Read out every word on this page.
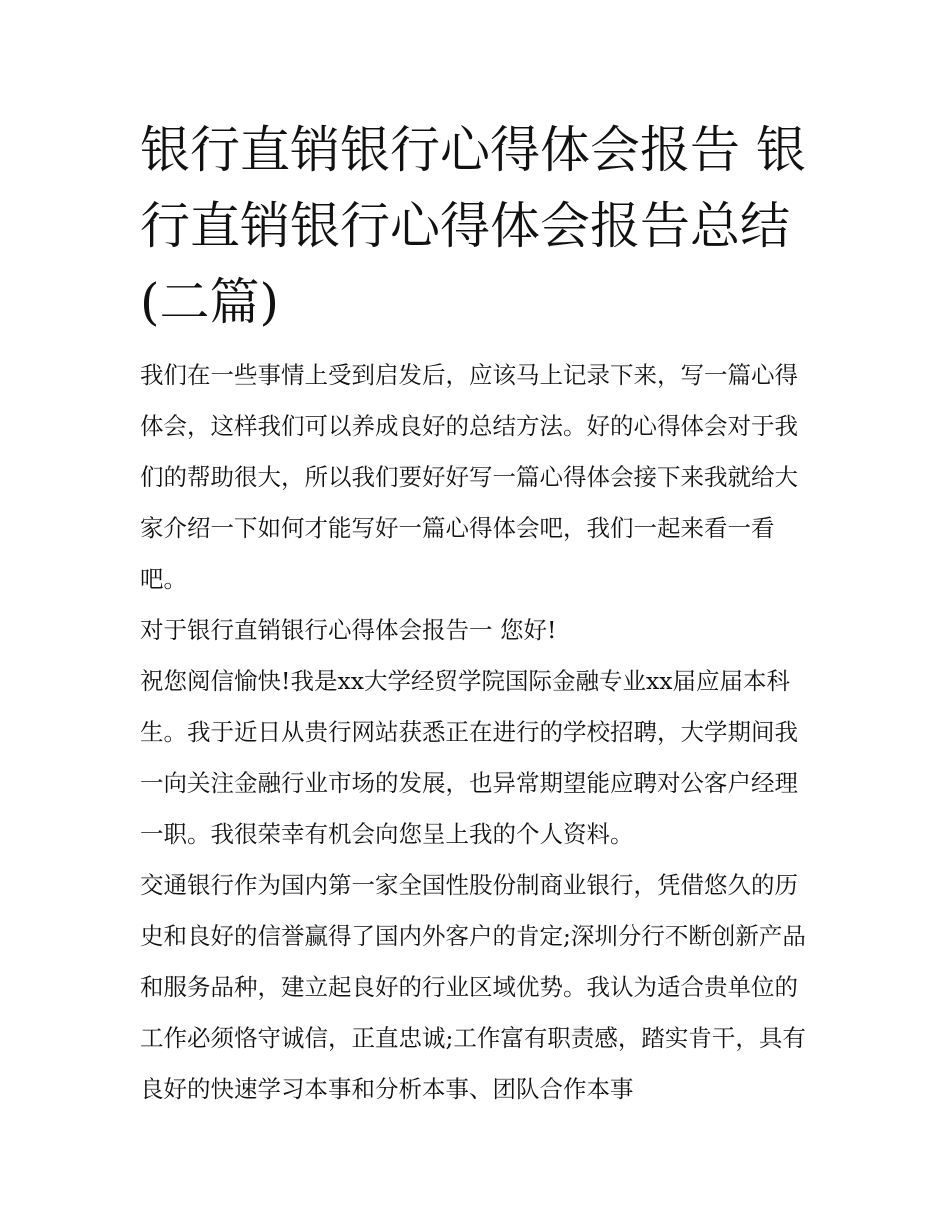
银行直销银行心得体会报告 银行直销银行心得体会报告总结(二篇)

我们在一些事情上受到启发后，应该马上记录下来，写一篇心得体会，这样我们可以养成良好的总结方法。好的心得体会对于我们的帮助很大，所以我们要好好写一篇心得体会接下来我就给大家介绍一下如何才能写好一篇心得体会吧，我们一起来看一看吧。

对于银行直销银行心得体会报告一 您好!

祝您阅信愉快!我是xx大学经贸学院国际金融专业xx届应届本科生。我于近日从贵行网站获悉正在进行的学校招聘，大学期间我一向关注金融行业市场的发展，也异常期望能应聘对公客户经理一职。我很荣幸有机会向您呈上我的个人资料。

交通银行作为国内第一家全国性股份制商业银行，凭借悠久的历史和良好的信誉赢得了国内外客户的肯定;深圳分行不断创新产品和服务品种，建立起良好的行业区域优势。我认为适合贵单位的工作必须恪守诚信，正直忠诚;工作富有职责感，踏实肯干，具有良好的快速学习本事和分析本事、团队合作本事
